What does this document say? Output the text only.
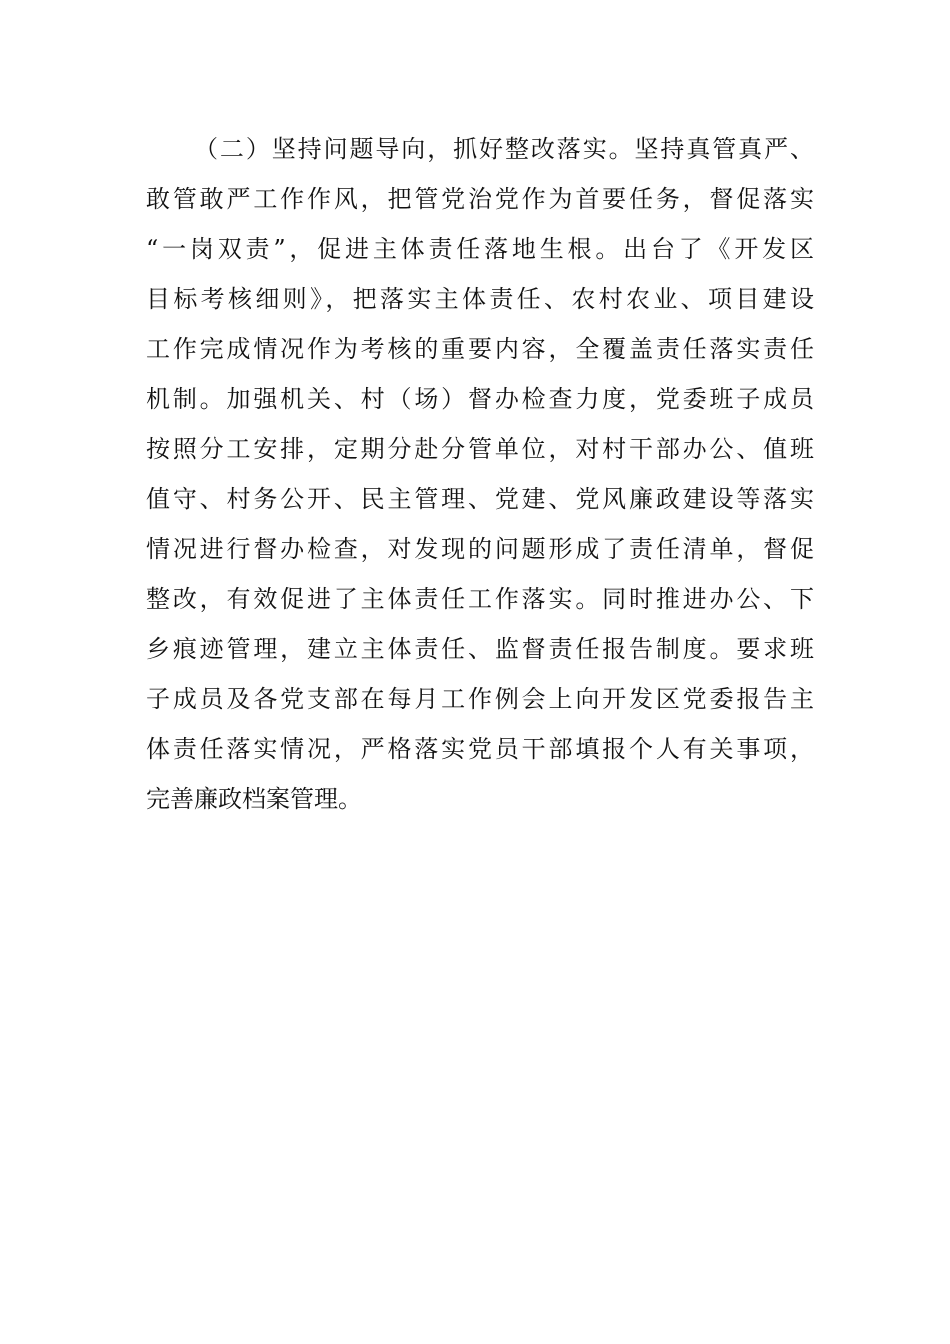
（二）坚持问题导向，抓好整改落实。坚持真管真严、
敢管敢严工作作风，把管党治党作为首要任务，督促落实
“一岗双责”，促进主体责任落地生根。出台了《开发区
目标考核细则》，把落实主体责任、农村农业、项目建设
工作完成情况作为考核的重要内容，全覆盖责任落实责任
机制。加强机关、村（场）督办检查力度，党委班子成员
按照分工安排，定期分赴分管单位，对村干部办公、值班
值守、村务公开、民主管理、党建、党风廉政建设等落实
情况进行督办检查，对发现的问题形成了责任清单，督促
整改，有效促进了主体责任工作落实。同时推进办公、下
乡痕迹管理，建立主体责任、监督责任报告制度。要求班
子成员及各党支部在每月工作例会上向开发区党委报告主
体责任落实情况，严格落实党员干部填报个人有关事项，
完善廉政档案管理。
